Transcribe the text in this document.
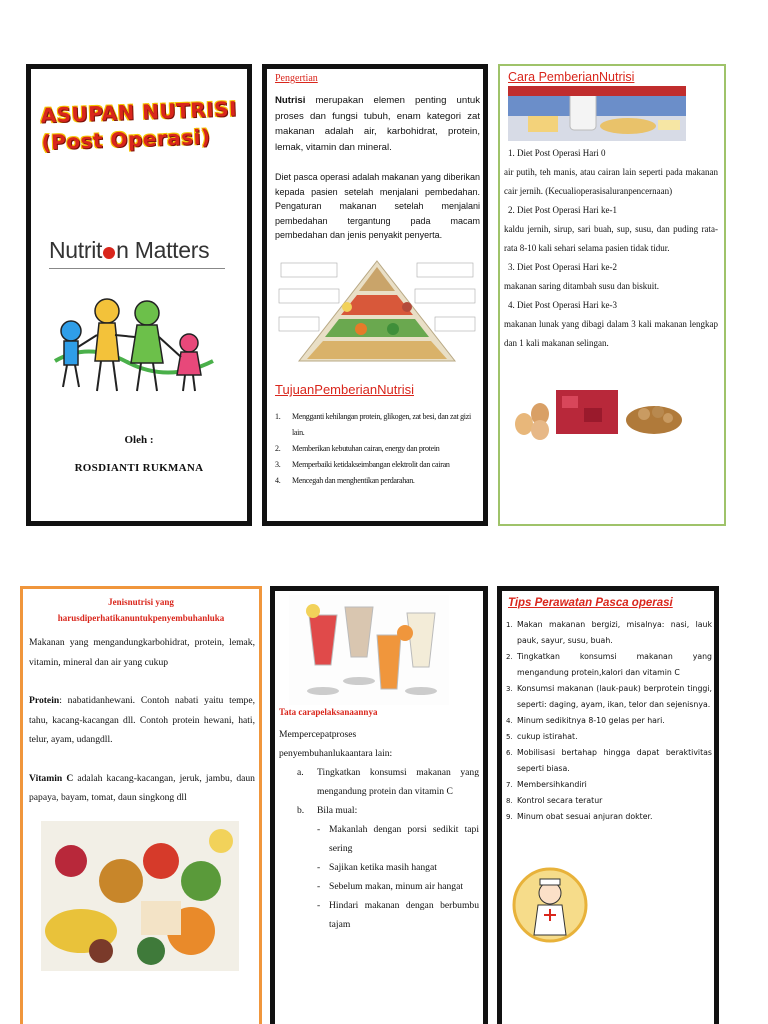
ASUPAN NUTRISI
(Post Operasi)
Nutrit n Matters
Oleh :
ROSDIANTI RUKMANA
Pengertian
Nutrisi merupakan elemen penting untuk proses dan fungsi tubuh, enam kategori zat makanan adalah air, karbohidrat, protein, lemak, vitamin dan mineral.
Diet pasca operasi adalah makanan yang diberikan kepada pasien setelah menjalani pembedahan. Pengaturan makanan setelah menjalani pembedahan tergantung pada macam pembedahan dan jenis penyakit penyerta.
TujuanPemberianNutrisi
1.	Mengganti kehilangan protein, glikogen, zat besi, dan zat gizi lain.
2.	Memberikan kebutuhan cairan, energy dan protein
3.	Memperbaiki ketidakseimbangan elektrolit dan cairan
4.	Mencegah dan menghentikan perdarahan.
Cara PemberianNutrisi

1. Diet Post Operasi Hari 0

air putih, teh manis, atau cairan lain seperti pada makanan cair jernih. (Kecualioperasisaluranpencernaan)

2. Diet Post Operasi Hari ke-1

kaldu jernih, sirup, sari buah, sup, susu, dan puding rata-rata 8-10 kali sehari selama pasien tidak tidur.

3. Diet Post Operasi Hari ke-2

makanan saring ditambah susu dan biskuit.

4. Diet Post Operasi Hari ke-3

makanan lunak yang dibagi dalam 3 kali makanan lengkap dan 1 kali makanan selingan.

Jenisnutrisi yang
harusdiperhatikanuntukpenyembuhanluka

Makanan yang mengandungkarbohidrat, protein, lemak, vitamin, mineral dan air yang cukup

Protein: nabatidanhewani. Contoh nabati yaitu tempe, tahu, kacang-kacangan dll. Contoh protein hewani, hati, telur, ayam, udangdll.

Vitamin C adalah kacang-kacangan, jeruk, jambu, daun papaya, bayam, tomat, daun singkong dll

Tata carapelaksanaannya

Mempercepatproses penyembuhanlukaantara lain:

a.	Tingkatkan konsumsi makanan yang mengandung protein dan vitamin C
b.	Bila mual:
- Makanlah dengan porsi sedikit tapi sering
- Sajikan ketika masih hangat
- Sebelum makan, minum air hangat
- Hindari makanan dengan berbumbu tajam
Tips Perawatan Pasca operasi
1. Makan makanan bergizi, misalnya: nasi, lauk pauk, sayur, susu, buah.
2. Tingkatkan konsumsi makanan yang mengandung protein,kalori dan vitamin C
3. Konsumsi makanan (lauk-pauk) berprotein tinggi, seperti: daging, ayam, ikan, telor dan sejenisnya.
4. Minum sedikitnya 8-10 gelas per hari.
5. cukup istirahat.
6. Mobilisasi bertahap hingga dapat beraktivitas seperti biasa.
7. Membersihkandiri
8. Kontrol secara teratur
9. Minum obat sesuai anjuran dokter.
